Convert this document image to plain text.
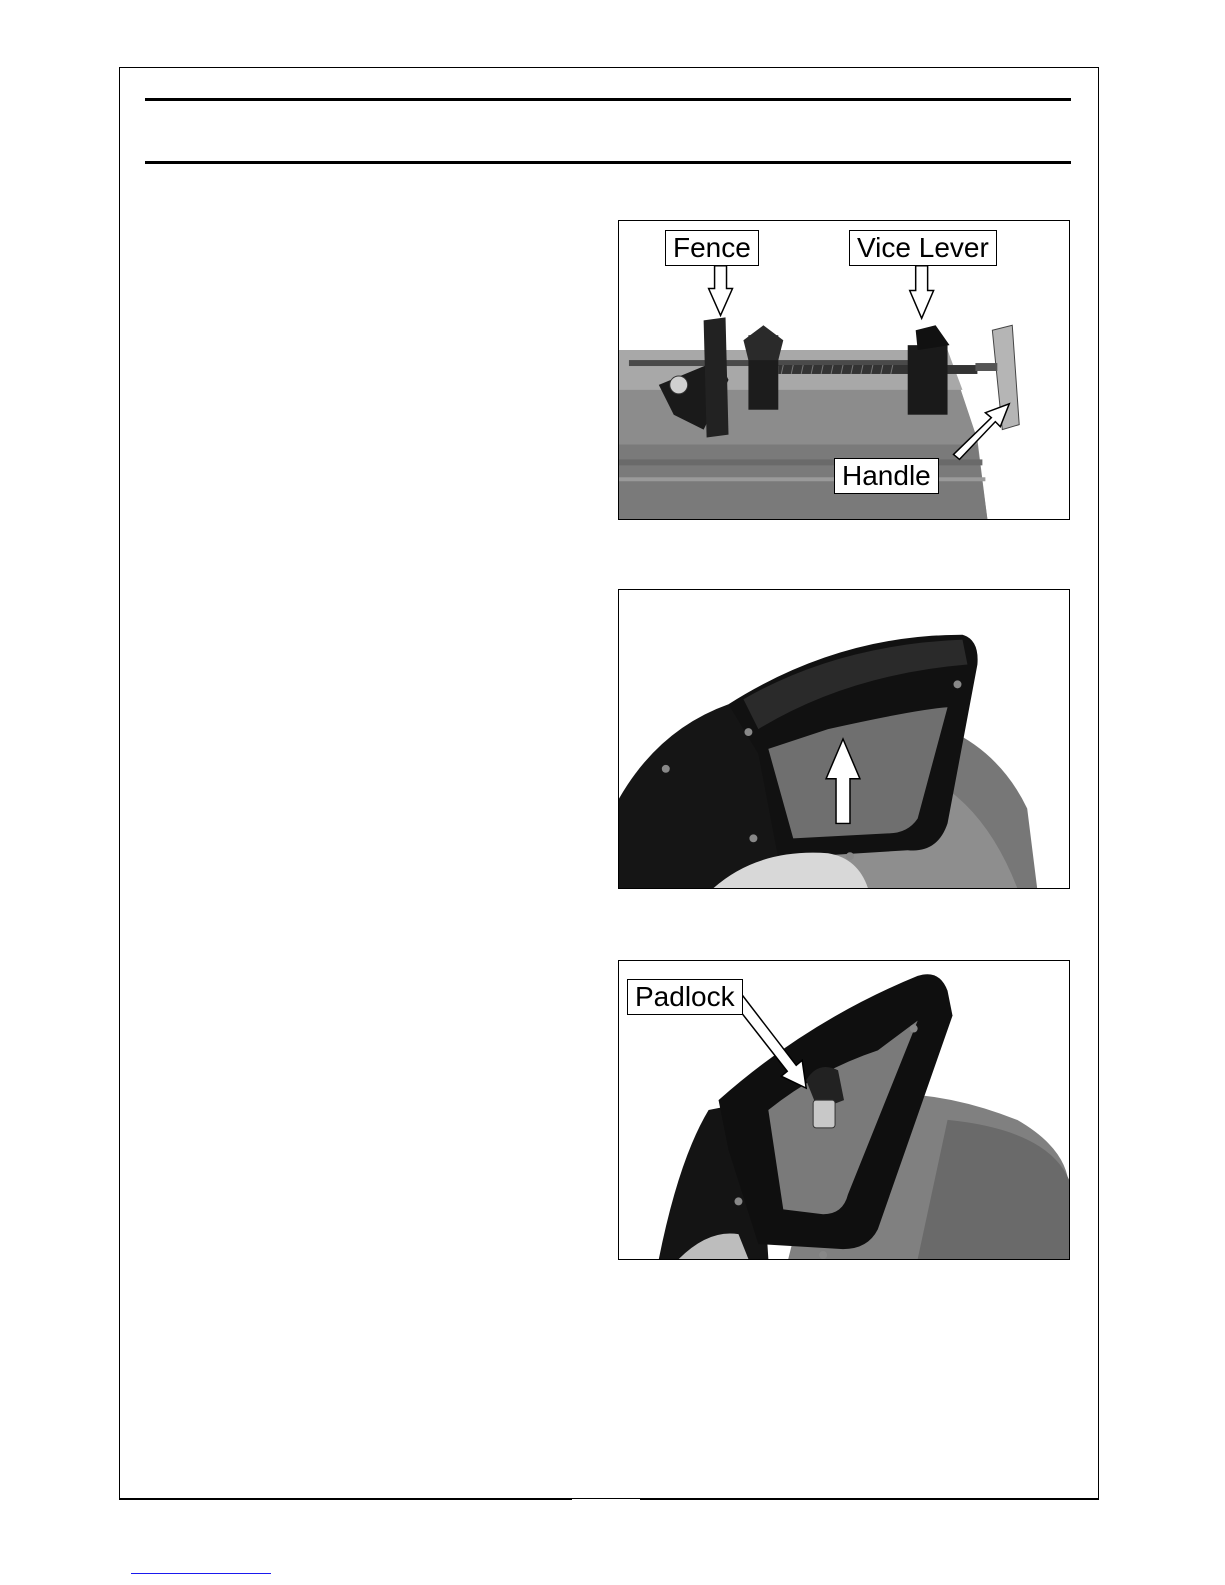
Fence	Vice Lever
Handle
Padlock
